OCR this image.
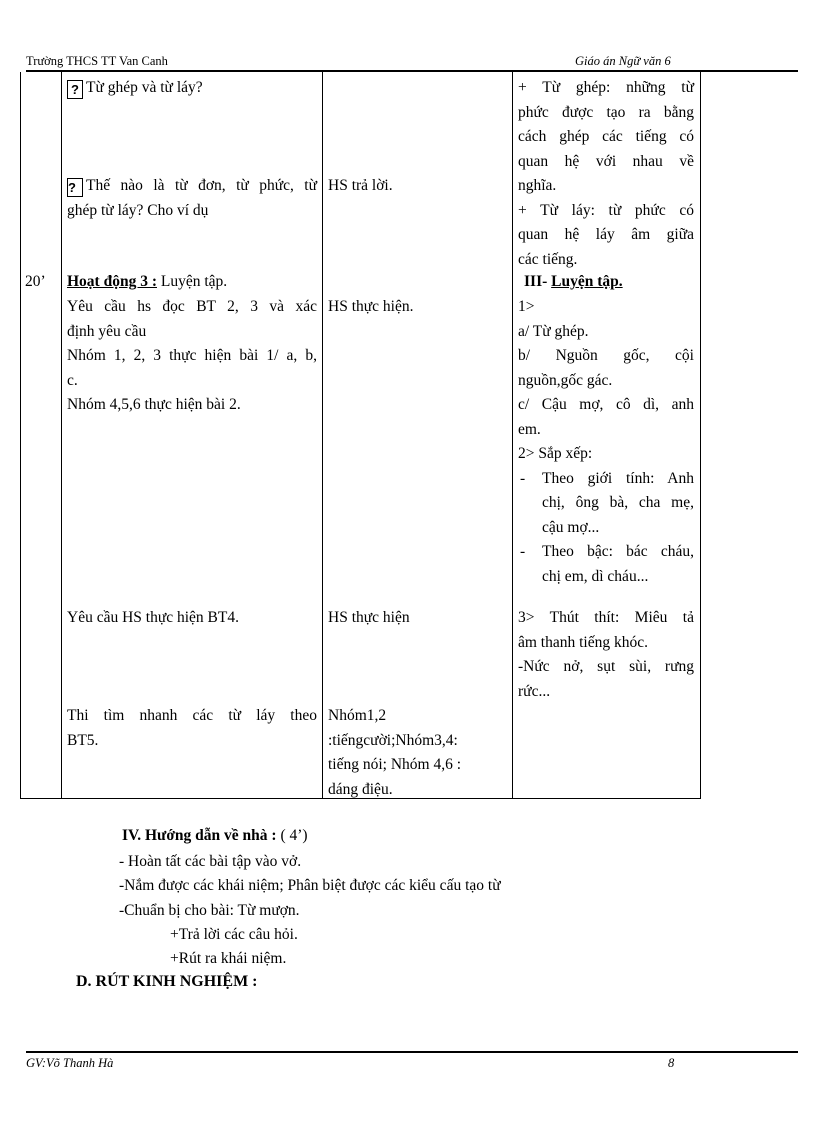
Trường THCS TT Van Canh	Giáo án Ngữ văn 6
20’
? Từ ghép và từ láy?
? Thế nào là từ đơn, từ phức, từ
ghép từ láy? Cho ví dụ
Hoạt động 3 : Luyện tập.
Yêu cầu hs đọc BT 2, 3 và xác
định yêu cầu
Nhóm 1, 2, 3 thực hiện bài 1/ a, b,
c.
Nhóm 4,5,6 thực hiện bài 2.
Yêu cầu HS thực hiện BT4.
Thi tìm nhanh các từ láy theo
BT5.
HS trả lời.
HS thực hiện.
HS thực hiện
Nhóm1,2
:tiếngcười;Nhóm3,4:
tiếng nói; Nhóm 4,6 :
dáng điệu.
+ Từ ghép: những từ
phức được tạo ra bằng
cách ghép các tiếng có
quan hệ với nhau về
nghĩa.
+ Từ láy: từ phức có
quan hệ láy âm giữa
các tiếng.
III- Luyện tập.
1>
a/ Từ ghép.
b/ Nguồn gốc, cội
nguồn,gốc gác.
c/ Cậu mợ, cô dì, anh
em.
2> Sắp xếp:
- Theo giới tính: Anh
chị, ông bà, cha mẹ,
cậu mợ...
- Theo bậc: bác cháu,
chị em, dì cháu...
3> Thút thít: Miêu tả
âm thanh tiếng khóc.
-Nức nở, sụt sùi, rưng
rức...
IV. Hướng dẫn về nhà : ( 4’)
- Hoàn tất các bài tập vào vở.
-Nắm được các khái niệm; Phân biệt được các kiểu cấu tạo từ
-Chuẩn bị cho bài: Từ mượn.
+Trả lời các câu hỏi.
+Rút ra khái niệm.
D. RÚT KINH NGHIỆM :
GV:Võ Thanh Hà	8
